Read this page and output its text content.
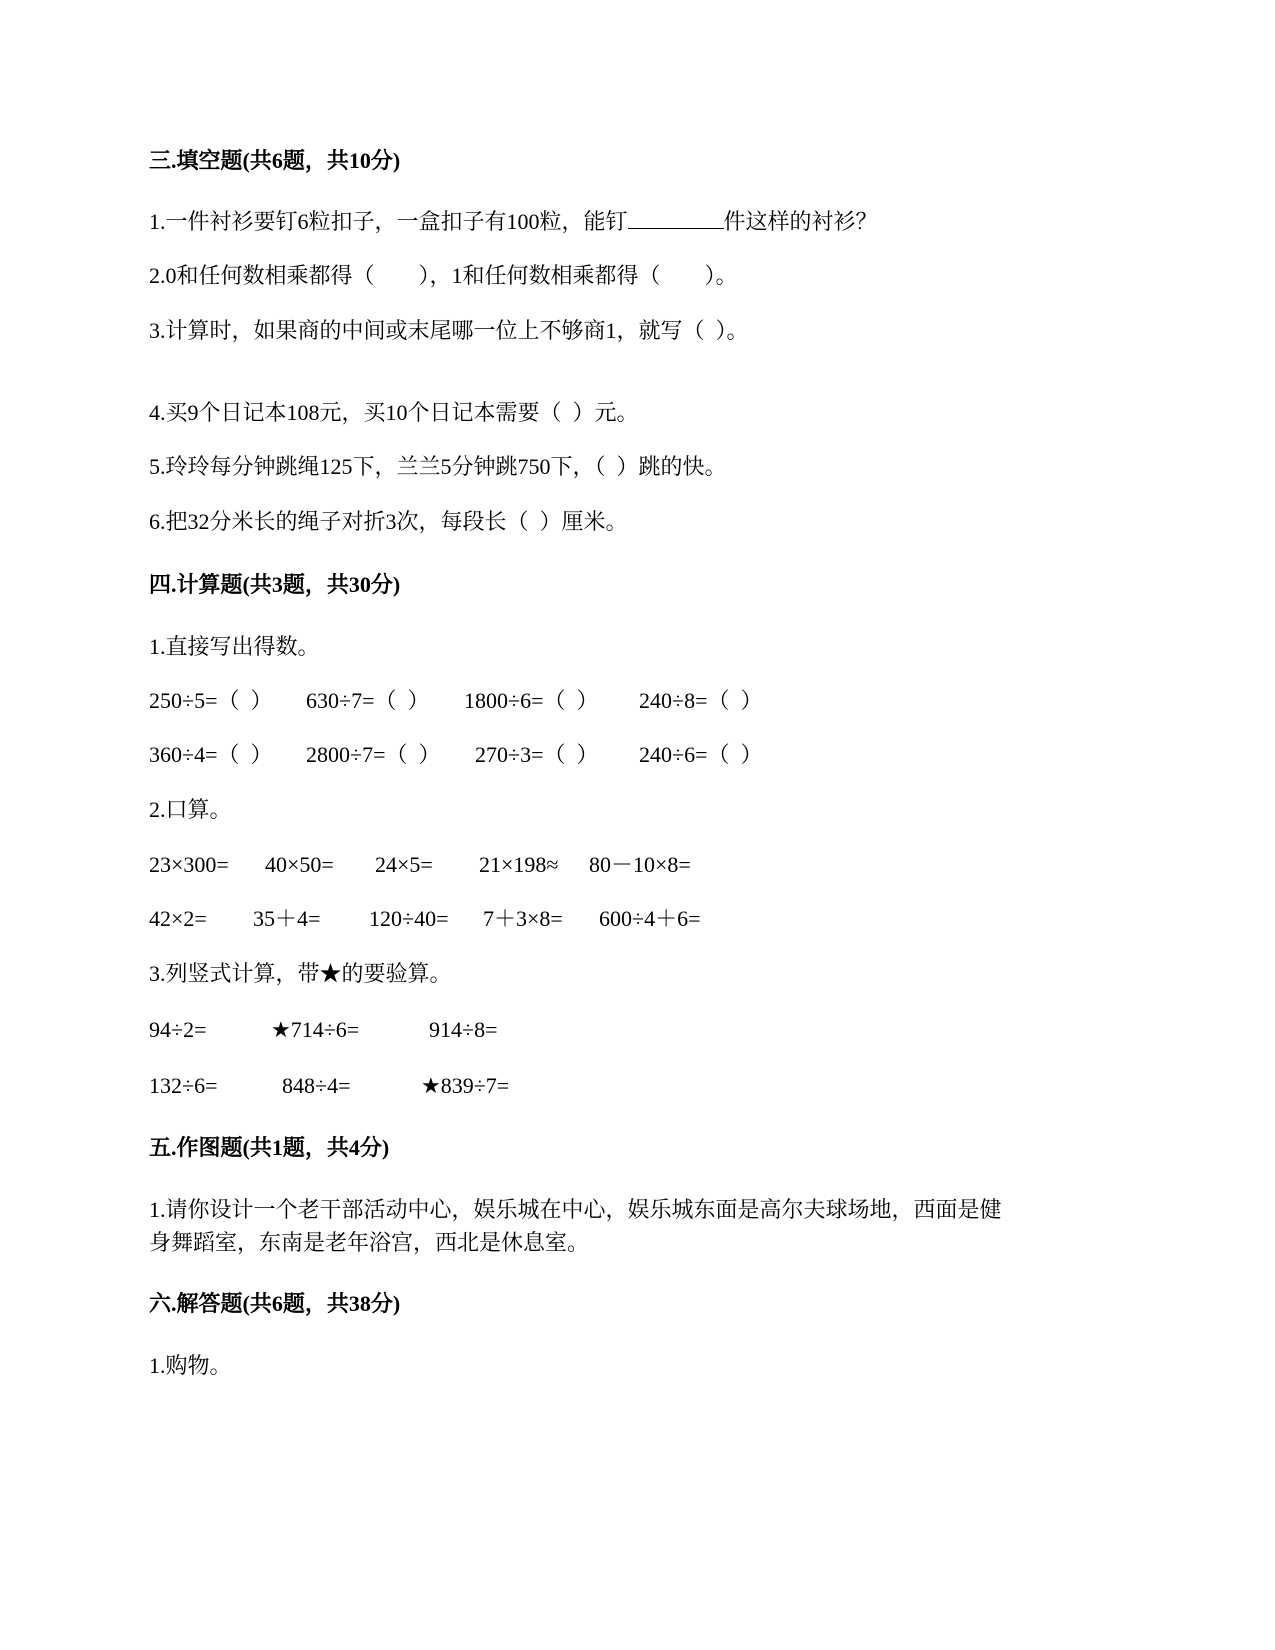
三.填空题(共6题，共10分)
1.一件衬衫要钉6粒扣子，一盒扣子有100粒，能钉	件这样的衬衫？
2.0和任何数相乘都得（　　），1和任何数相乘都得（　　）。
3.计算时，如果商的中间或末尾哪一位上不够商1，就写（  ）。
4.买9个日记本108元，买10个日记本需要（  ）元。
5.玲玲每分钟跳绳125下，兰兰5分钟跳750下，（  ）跳的快。
6.把32分米长的绳子对折3次，每段长（  ）厘米。
四.计算题(共3题，共30分)
1.直接写出得数。

250÷5=（  ）

630÷7=（  ）

1800÷6=（  ）

240÷8=（  ）

360÷4=（  ）

2800÷7=（  ）

270÷3=（  ）

240÷6=（  ）

2.口算。

23×300=

40×50=

24×5=

21×198≈

80－10×8=

42×2=

35＋4=

120÷40=

7＋3×8=

600÷4＋6=

3.列竖式计算，带★的要验算。

94÷2=

	★714÷6=

	914÷8=

132÷6=

	848÷4=

	★839÷7=

五.作图题(共1题，共4分)
1.请你设计一个老干部活动中心，娱乐城在中心，娱乐城东面是高尔夫球场地，西面是健
身舞蹈室，东南是老年浴宫，西北是休息室。
六.解答题(共6题，共38分)
1.购物。
